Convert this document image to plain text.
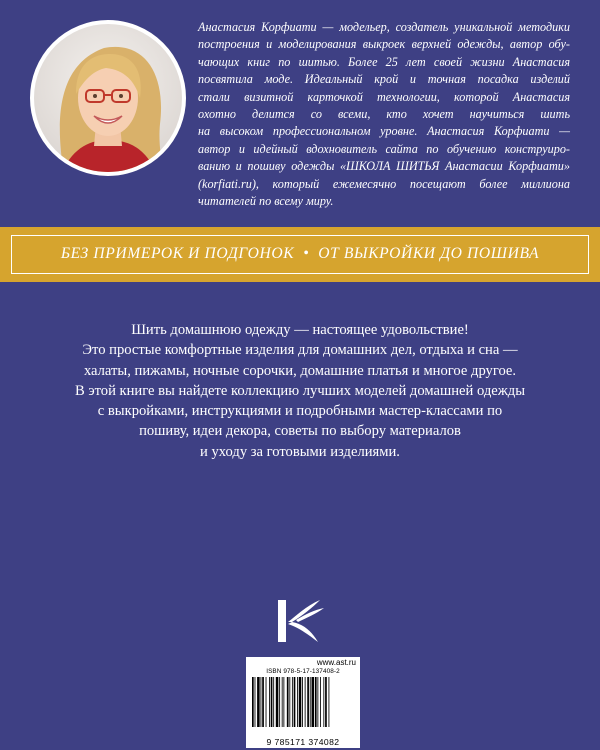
Анастасия Корфиати — модельер, создатель уникальной методики
построения и моделирования выкроек верхней одежды, автор обу-
чающих книг по шитью. Более 25 лет своей жизни Анастасия
посвятила моде. Идеальный крой и точная посадка изделий
стали визитной карточкой технологии, которой Анастасия
охотно делится со всеми, кто хочет научиться шить
на высоком профессиональном уровне. Анастасия Корфиати —
автор и идейный вдохновитель сайта по обучению конструиро-
ванию и пошиву одежды «ШКОЛА ШИТЬЯ Анастасии Корфиати»
(korfiati.ru), который ежемесячно посещают более миллиона
читателей по всему миру.
БЕЗ ПРИМЕРОК И ПОДГОНОК • ОТ ВЫКРОЙКИ ДО ПОШИВА
Шить домашнюю одежду — настоящее удовольствие!
Это простые комфортные изделия для домашних дел, отдыха и сна —
халаты, пижамы, ночные сорочки, домашние платья и многое другое.
В этой книге вы найдете коллекцию лучших моделей домашней одежды
с выкройками, инструкциями и подробными мастер-классами по
пошиву, идеи декора, советы по выбору материалов
и уходу за готовыми изделиями.
www.ast.ru
ISBN 978-5-17-137408-2
9 785171 374082
